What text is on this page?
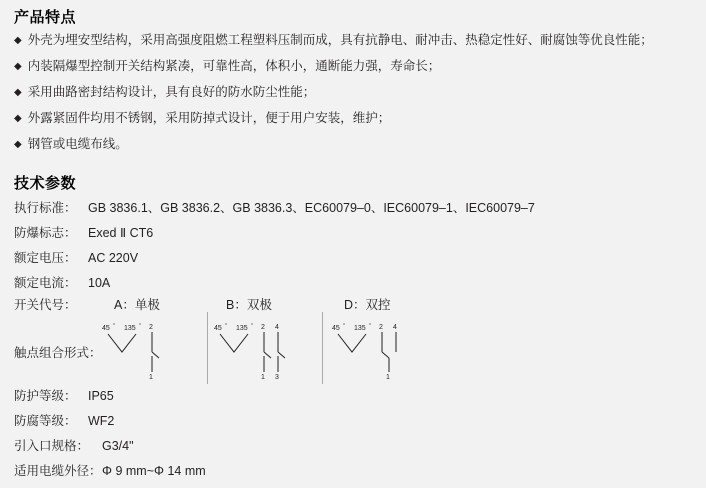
产品特点
◆ 外壳为埋安型结构，采用高强度阻燃工程塑料压制而成，具有抗静电、耐冲击、热稳定性好、耐腐蚀等优良性能；
◆ 内装隔爆型控制开关结构紧凑，可靠性高，体积小，通断能力强，寿命长；
◆ 采用曲路密封结构设计，具有良好的防水防尘性能；
◆ 外露紧固件均用不锈钢，采用防掉式设计，便于用户安装，维护；
◆ 钢管或电缆布线。
技术参数
执行标准： GB 3836.1、GB 3836.2、GB 3836.3、EC60079–0、IEC60079–1、IEC60079–7
防爆标志： Exed Ⅱ CT6
额定电压： AC 220V
额定电流： 10A
开关代号：	A：单极	B：双极	D：双控
触点组合形式：
45 ° 135 ° 2
1
45 ° 135 ° 2 4
1 3
45 ° 135 ° 2 4
1
防护等级： IP65
防腐等级： WF2
引入口规格：	G3/4"
适用电缆外径： Φ 9 mm~Φ 14 mm
